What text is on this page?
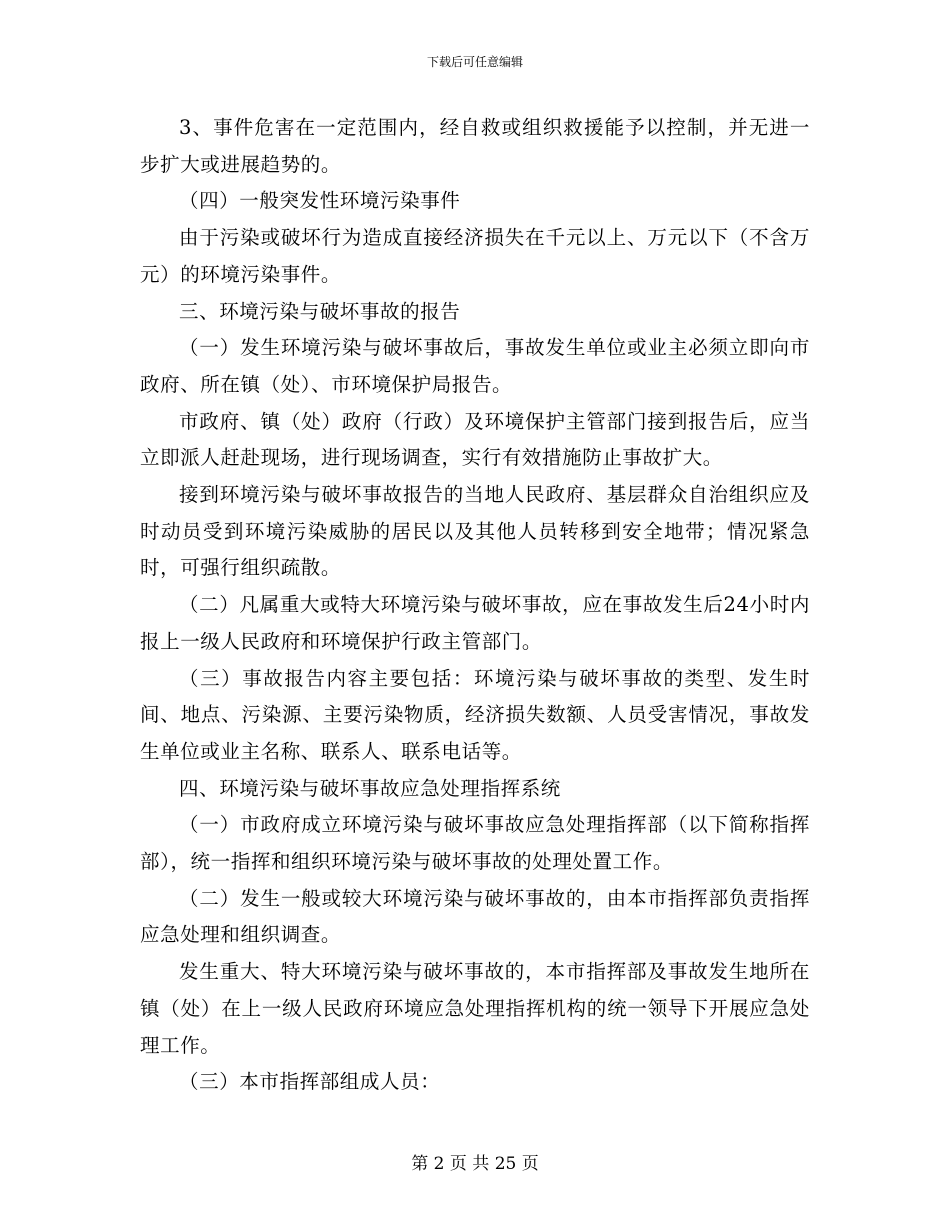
下载后可任意编辑

3、事件危害在一定范围内，经自救或组织救援能予以控制，并无进一步扩大或进展趋势的。

（四）一般突发性环境污染事件

由于污染或破坏行为造成直接经济损失在千元以上、万元以下（不含万元）的环境污染事件。

三、环境污染与破坏事故的报告

（一）发生环境污染与破坏事故后，事故发生单位或业主必须立即向市政府、所在镇（处）、市环境保护局报告。

市政府、镇（处）政府（行政）及环境保护主管部门接到报告后，应当立即派人赶赴现场，进行现场调查，实行有效措施防止事故扩大。

接到环境污染与破坏事故报告的当地人民政府、基层群众自治组织应及时动员受到环境污染威胁的居民以及其他人员转移到安全地带；情况紧急时，可强行组织疏散。

（二）凡属重大或特大环境污染与破坏事故，应在事故发生后24小时内报上一级人民政府和环境保护行政主管部门。

（三）事故报告内容主要包括：环境污染与破坏事故的类型、发生时间、地点、污染源、主要污染物质，经济损失数额、人员受害情况，事故发生单位或业主名称、联系人、联系电话等。

四、环境污染与破坏事故应急处理指挥系统

（一）市政府成立环境污染与破坏事故应急处理指挥部（以下简称指挥部），统一指挥和组织环境污染与破坏事故的处理处置工作。

（二）发生一般或较大环境污染与破坏事故的，由本市指挥部负责指挥应急处理和组织调查。

发生重大、特大环境污染与破坏事故的，本市指挥部及事故发生地所在镇（处）在上一级人民政府环境应急处理指挥机构的统一领导下开展应急处理工作。

（三）本市指挥部组成人员：

第 2 页 共 25 页
